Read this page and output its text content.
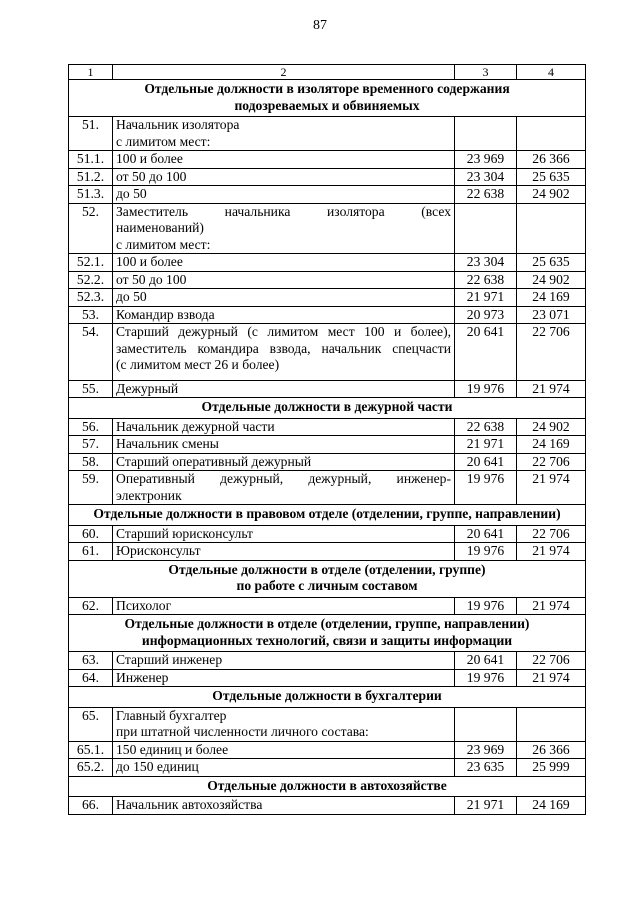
87
1	2	3	4

Отдельные должности в изоляторе временного содержания
подозреваемых и обвиняемых			

51.	Начальник изолятора
с лимитом мест:		

51.1.	100 и более	23 969	26 366
51.2.	от 50 до 100	23 304	25 635
51.3.	до 50	22 638	24 902
52.	Заместитель начальника изолятора (всех
наименований)
с лимитом мест:		

52.1.	100 и более	23 304	25 635
52.2.	от 50 до 100	22 638	24 902
52.3.	до 50	21 971	24 169
53.	Командир взвода	20 973	23 071
54.	Старший дежурный (с лимитом мест 100 и более),
заместитель командира взвода, начальник спецчасти
(с лимитом мест 26 и более)	20 641	22 706
55.	Дежурный	19 976	21 974

Отдельные должности в дежурной части			

56.	Начальник дежурной части	22 638	24 902
57.	Начальник смены	21 971	24 169
58.	Старший оперативный дежурный	20 641	22 706
59.	Оперативный дежурный, дежурный, инженер-
электроник	19 976	21 974

Отдельные должности в правовом отделе (отделении, группе, направлении)			

60.	Старший юрисконсульт	20 641	22 706
61.	Юрисконсульт	19 976	21 974

Отдельные должности в отделе (отделении, группе)
по работе с личным составом			

62.	Психолог	19 976	21 974

Отдельные должности в отделе (отделении, группе, направлении)
информационных технологий, связи и защиты информации			

63.	Старший инженер	20 641	22 706
64.	Инженер	19 976	21 974

Отдельные должности в бухгалтерии			

65.	Главный бухгалтер
при штатной численности личного состава:		

65.1.	150 единиц и более	23 969	26 366
65.2.	до 150 единиц	23 635	25 999

Отдельные должности в автохозяйстве			

66.	Начальник автохозяйства	21 971	24 169
